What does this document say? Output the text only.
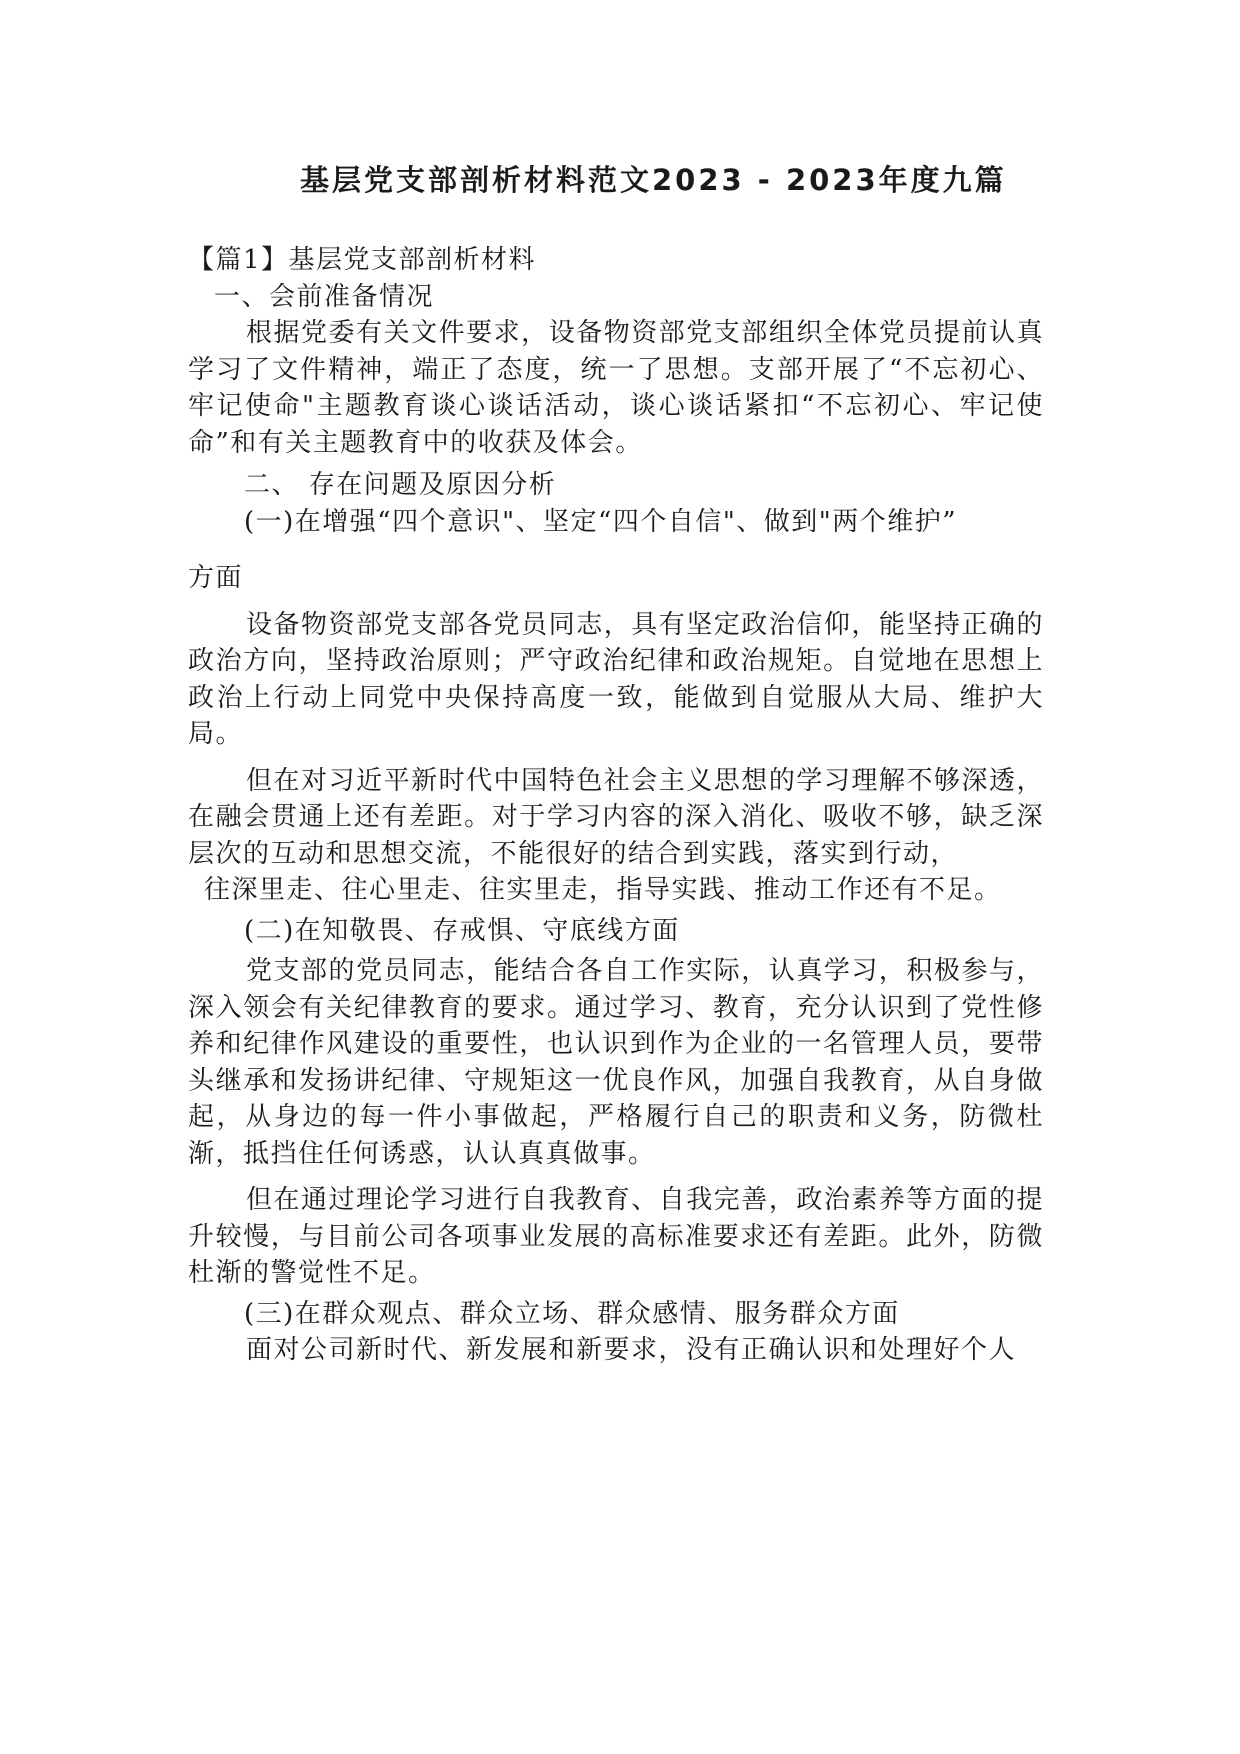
基层党支部剖析材料范文2023 - 2023年度九篇

【篇1】基层党支部剖析材料

一、会前准备情况

根据党委有关文件要求，设备物资部党支部组织全体党员提前认真学习了文件精神，端正了态度，统一了思想。支部开展了“不忘初心、牢记使命"主题教育谈心谈话活动，谈心谈话紧扣“不忘初心、牢记使命”和有关主题教育中的收获及体会。

二、 存在问题及原因分析

(一)在增强“四个意识"、坚定“四个自信"、做到"两个维护”

方面

设备物资部党支部各党员同志，具有坚定政治信仰，能坚持正确的政治方向，坚持政治原则；严守政治纪律和政治规矩。自觉地在思想上政治上行动上同党中央保持高度一致，能做到自觉服从大局、维护大局。

但在对习近平新时代中国特色社会主义思想的学习理解不够深透，在融会贯通上还有差距。对于学习内容的深入消化、吸收不够，缺乏深层次的互动和思想交流，不能很好的结合到实践，落实到行动，

往深里走、往心里走、往实里走，指导实践、推动工作还有不足。

(二)在知敬畏、存戒惧、守底线方面

党支部的党员同志，能结合各自工作实际，认真学习，积极参与，深入领会有关纪律教育的要求。通过学习、教育，充分认识到了党性修养和纪律作风建设的重要性，也认识到作为企业的一名管理人员，要带头继承和发扬讲纪律、守规矩这一优良作风，加强自我教育，从自身做起，从身边的每一件小事做起，严格履行自己的职责和义务，防微杜渐，抵挡住任何诱惑，认认真真做事。

但在通过理论学习进行自我教育、自我完善，政治素养等方面的提升较慢，与目前公司各项事业发展的高标准要求还有差距。此外，防微杜渐的警觉性不足。

(三)在群众观点、群众立场、群众感情、服务群众方面

面对公司新时代、新发展和新要求，没有正确认识和处理好个人
